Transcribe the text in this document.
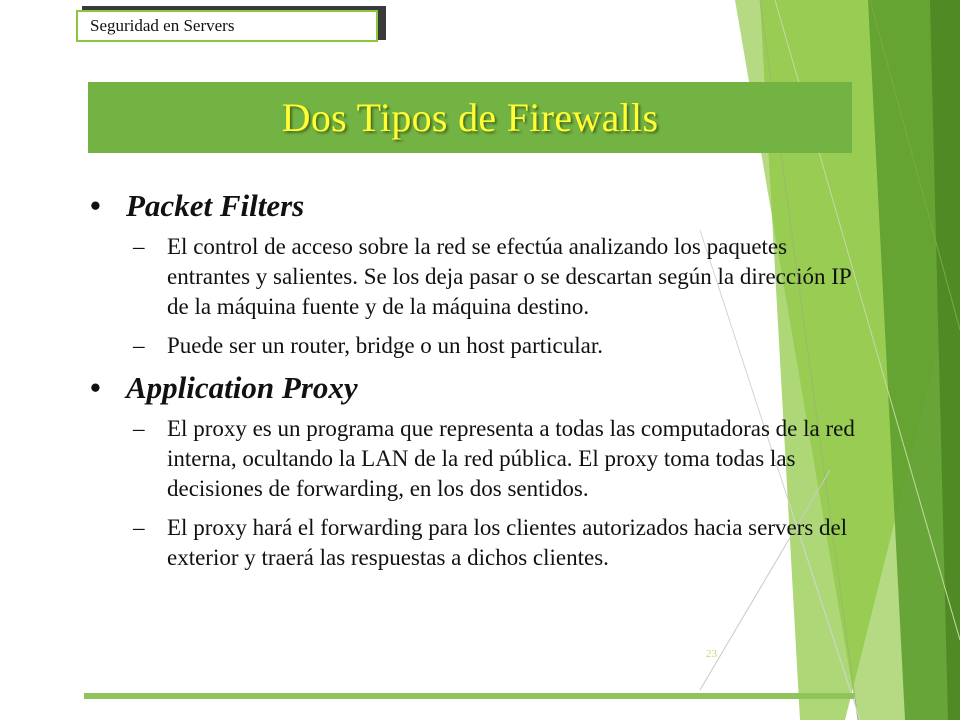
Seguridad en Servers
Dos Tipos de Firewalls
• Packet Filters
– El control de acceso sobre la red se efectúa analizando los paquetes entrantes y salientes. Se los deja pasar o se descartan según la dirección IP de la máquina fuente y de la máquina destino.
– Puede ser un router, bridge o un host particular.
• Application Proxy
– El proxy es un programa que representa a todas las computadoras de la red interna, ocultando la LAN de la red pública. El proxy toma todas las decisiones de forwarding, en los dos sentidos.
– El proxy hará el forwarding para los clientes autorizados hacia servers del exterior y traerá las respuestas a dichos clientes.
23
